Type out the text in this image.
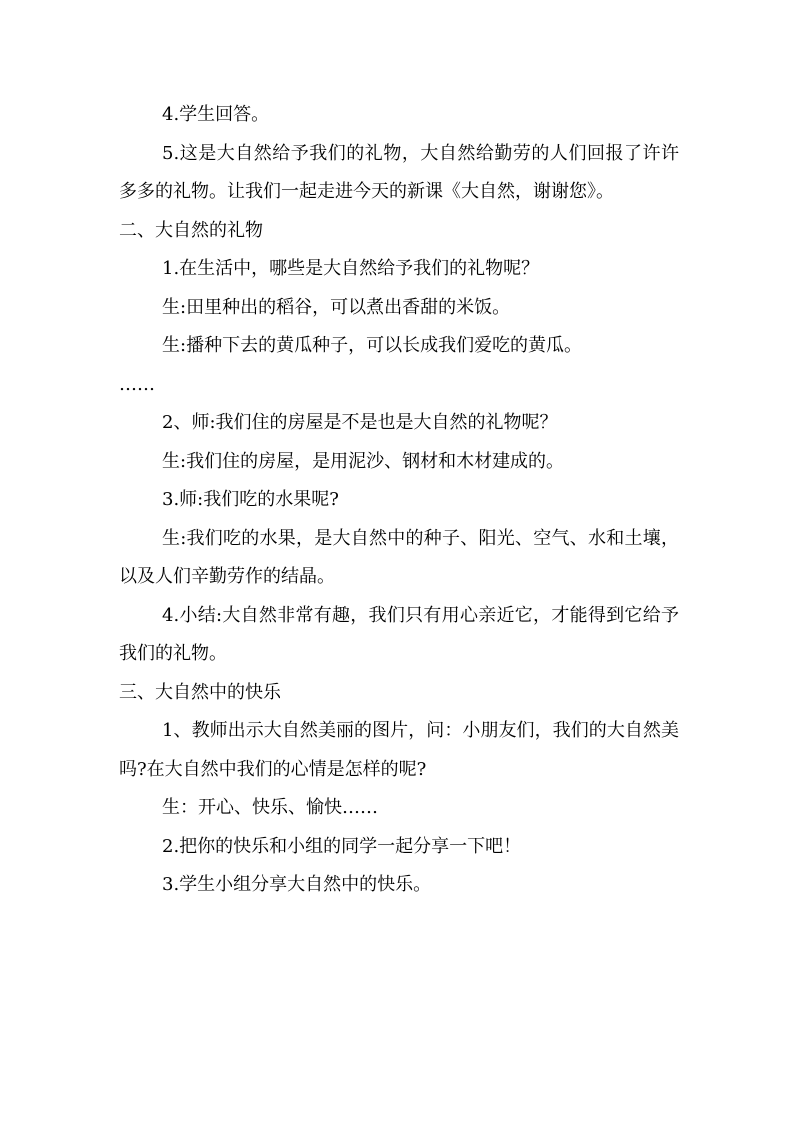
4.学生回答。

5.这是大自然给予我们的礼物，大自然给勤劳的人们回报了许许多多的礼物。让我们一起走进今天的新课《大自然，谢谢您》。

二、大自然的礼物

1.在生活中，哪些是大自然给予我们的礼物呢？

生:田里种出的稻谷，可以煮出香甜的米饭。

生:播种下去的黄瓜种子，可以长成我们爱吃的黄瓜。

……

2、师:我们住的房屋是不是也是大自然的礼物呢？

生:我们住的房屋，是用泥沙、钢材和木材建成的。

3.师:我们吃的水果呢?

生:我们吃的水果，是大自然中的种子、阳光、空气、水和土壤，以及人们辛勤劳作的结晶。

4.小结:大自然非常有趣，我们只有用心亲近它，才能得到它给予我们的礼物。

三、大自然中的快乐

1、教师出示大自然美丽的图片，问：小朋友们，我们的大自然美吗?在大自然中我们的心情是怎样的呢?

生：开心、快乐、愉快……

2.把你的快乐和小组的同学一起分享一下吧！

3.学生小组分享大自然中的快乐。
